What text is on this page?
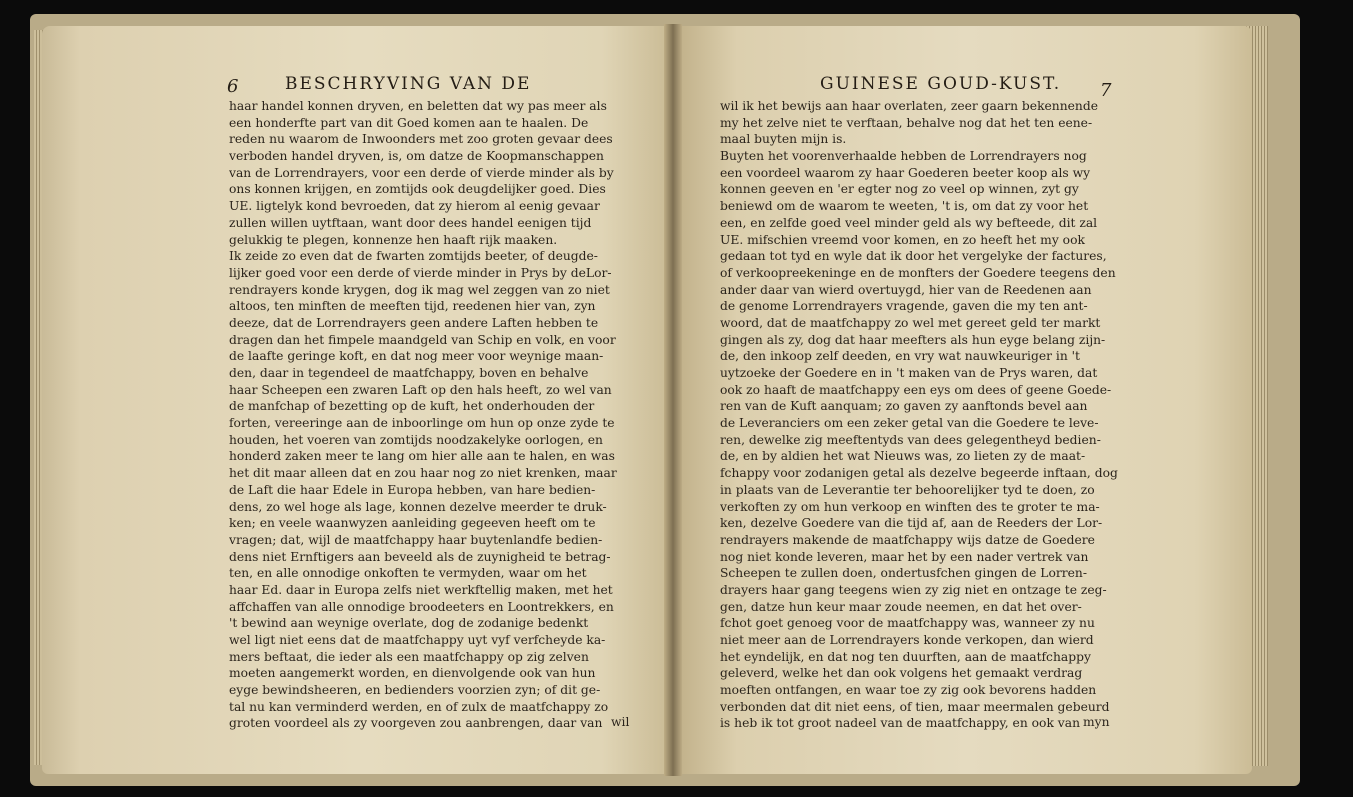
6	BESCHRYVING VAN DE
haar handel konnen dryven, en beletten dat wy pas meer als
een honderfte part van dit Goed komen aan te haalen. De
reden nu waarom de Inwoonders met zoo groten gevaar dees
verboden handel dryven, is, om datze de Koopmanschappen
van de Lorrendrayers, voor een derde of vierde minder als by
ons konnen krijgen, en zomtijds ook deugdelijker goed. Dies
UE. ligtelyk kond bevroeden, dat zy hierom al eenig gevaar
zullen willen uytftaan, want door dees handel eenigen tijd
gelukkig te plegen, konnenze hen haaft rijk maaken.
Ik zeide zo even dat de fwarten zomtijds beeter, of deugde-
lijker goed voor een derde of vierde minder in Prys by deLor-
rendrayers konde krygen, dog ik mag wel zeggen van zo niet
altoos, ten minften de meeften tijd, reedenen hier van, zyn
deeze, dat de Lorrendrayers geen andere Laften hebben te
dragen dan het fimpele maandgeld van Schip en volk, en voor
de laafte geringe koft, en dat nog meer voor weynige maan-
den, daar in tegendeel de maatfchappy, boven en behalve
haar Scheepen een zwaren Laft op den hals heeft, zo wel van
de manfchap of bezetting op de kuft, het onderhouden der
forten, vereeringe aan de inboorlinge om hun op onze zyde te
houden, het voeren van zomtijds noodzakelyke oorlogen, en
honderd zaken meer te lang om hier alle aan te halen, en was
het dit maar alleen dat en zou haar nog zo niet krenken, maar
de Laft die haar Edele in Europa hebben, van hare bedien-
dens, zo wel hoge als lage, konnen dezelve meerder te druk-
ken; en veele waanwyzen aanleiding gegeeven heeft om te
vragen; dat, wijl de maatfchappy haar buytenlandfe bedien-
dens niet Ernftigers aan beveeld als de zuynigheid te betrag-
ten, en alle onnodige onkoften te vermyden, waar om het
haar Ed. daar in Europa zelfs niet werkftellig maken, met het
affchaffen van alle onnodige broodeeters en Loontrekkers, en
't bewind aan weynige overlate, dog de zodanige bedenkt
wel ligt niet eens dat de maatfchappy uyt vyf verfcheyde ka-
mers beftaat, die ieder als een maatfchappy op zig zelven
moeten aangemerkt worden, en dienvolgende ook van hun
eyge bewindsheeren, en bedienders voorzien zyn; of dit ge-
tal nu kan verminderd werden, en of zulx de maatfchappy zo
groten voordeel als zy voorgeven zou aanbrengen, daar van wil
GUINESE GOUD-KUST. 7
wil ik het bewijs aan haar overlaten, zeer gaarn bekennende
my het zelve niet te verftaan, behalve nog dat het ten eene-
maal buyten mijn is.
Buyten het voorenverhaalde hebben de Lorrendrayers nog
een voordeel waarom zy haar Goederen beeter koop als wy
konnen geeven en 'er egter nog zo veel op winnen, zyt gy
beniewd om de waarom te weeten, 't is, om dat zy voor het
een, en zelfde goed veel minder geld als wy befteede, dit zal
UE. mifschien vreemd voor komen, en zo heeft het my ook
gedaan tot tyd en wyle dat ik door het vergelyke der factures,
of verkoopreekeninge en de monfters der Goedere teegens den
ander daar van wierd overtuygd, hier van de Reedenen aan
de genome Lorrendrayers vragende, gaven die my ten ant-
woord, dat de maatfchappy zo wel met gereet geld ter markt
gingen als zy, dog dat haar meefters als hun eyge belang zijn-
de, den inkoop zelf deeden, en vry wat nauwkeuriger in 't
uytzoeke der Goedere en in 't maken van de Prys waren, dat
ook zo haaft de maatfchappy een eys om dees of geene Goede-
ren van de Kuft aanquam; zo gaven zy aanftonds bevel aan
de Leveranciers om een zeker getal van die Goedere te leve-
ren, dewelke zig meeftentyds van dees gelegentheyd bedien-
de, en by aldien het wat Nieuws was, zo lieten zy de maat-
fchappy voor zodanigen getal als dezelve begeerde inftaan, dog
in plaats van de Leverantie ter behoorelijker tyd te doen, zo
verkoften zy om hun verkoop en winften des te groter te ma-
ken, dezelve Goedere van die tijd af, aan de Reeders der Lor-
rendrayers makende de maatfchappy wijs datze de Goedere
nog niet konde leveren, maar het by een nader vertrek van
Scheepen te zullen doen, ondertusfchen gingen de Lorren-
drayers haar gang teegens wien zy zig niet en ontzage te zeg-
gen, datze hun keur maar zoude neemen, en dat het over-
fchot goet genoeg voor de maatfchappy was, wanneer zy nu
niet meer aan de Lorrendrayers konde verkopen, dan wierd
het eyndelijk, en dat nog ten duurften, aan de maatfchappy
geleverd, welke het dan ook volgens het gemaakt verdrag
moeften ontfangen, en waar toe zy zig ook bevorens hadden
verbonden dat dit niet eens, of tien, maar meermalen gebeurd
is heb ik tot groot nadeel van de maatfchappy, en ook van myn
